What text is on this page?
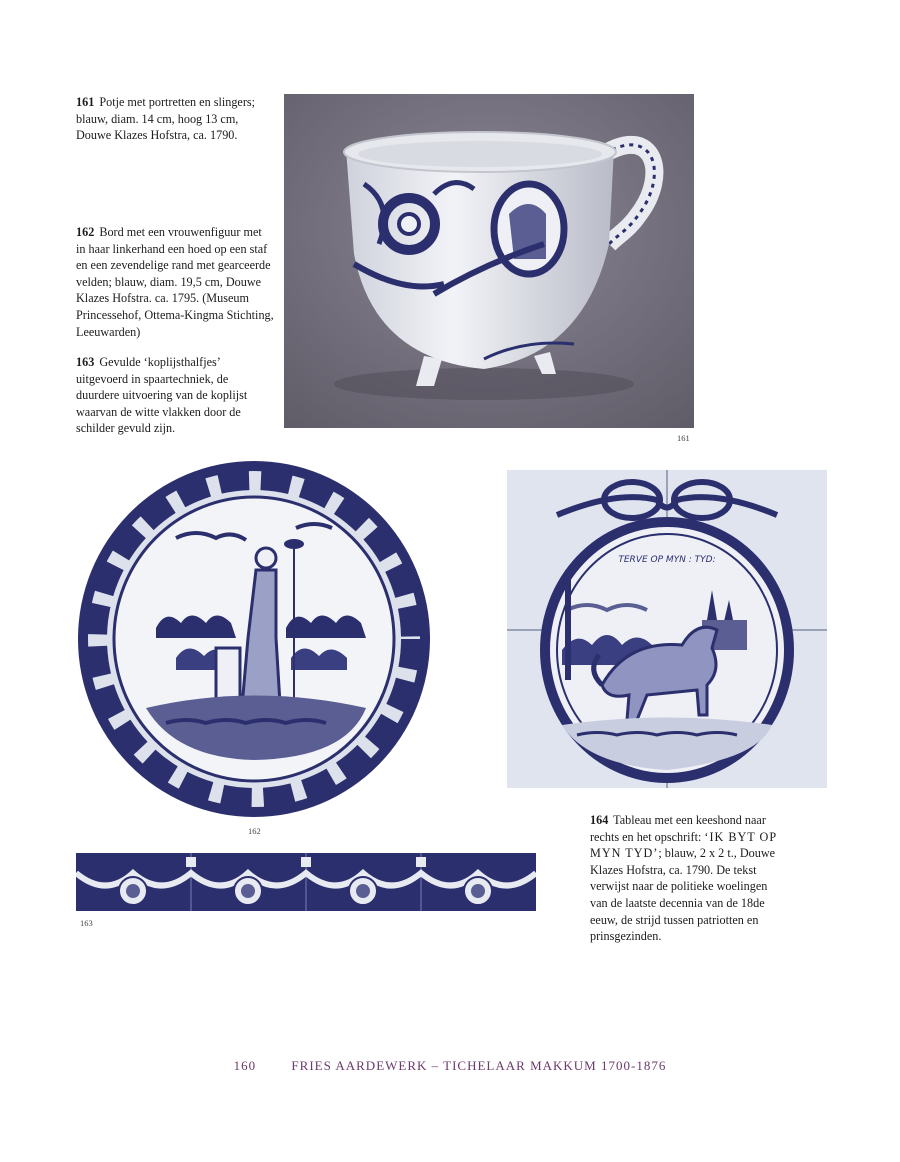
161 Potje met portretten en slingers; blauw, diam. 14 cm, hoog 13 cm, Douwe Klazes Hofstra, ca. 1790.
162 Bord met een vrouwenfiguur met in haar linkerhand een hoed op een staf en een zevendelige rand met gearceerde velden; blauw, diam. 19,5 cm, Douwe Klazes Hofstra. ca. 1795. (Museum Princessehof, Ottema-Kingma Stichting, Leeuwarden)
163 Gevulde ‘koplijsthalfjes’ uitgevoerd in spaartechniek, de duurdere uitvoering van de koplijst waarvan de witte vlakken door de schilder gevuld zijn.
161
162
TERVE OP MYN : TYD:
164 Tableau met een keeshond naar rechts en het opschrift: ‘IK BYT OP MYN TYD’; blauw, 2 x 2 t., Douwe Klazes Hofstra, ca. 1790. De tekst verwijst naar de politieke woelingen van de laatste decennia van de 18de eeuw, de strijd tussen patriotten en prinsgezinden.
163
160	FRIES AARDEWERK – TICHELAAR MAKKUM 1700-1876
